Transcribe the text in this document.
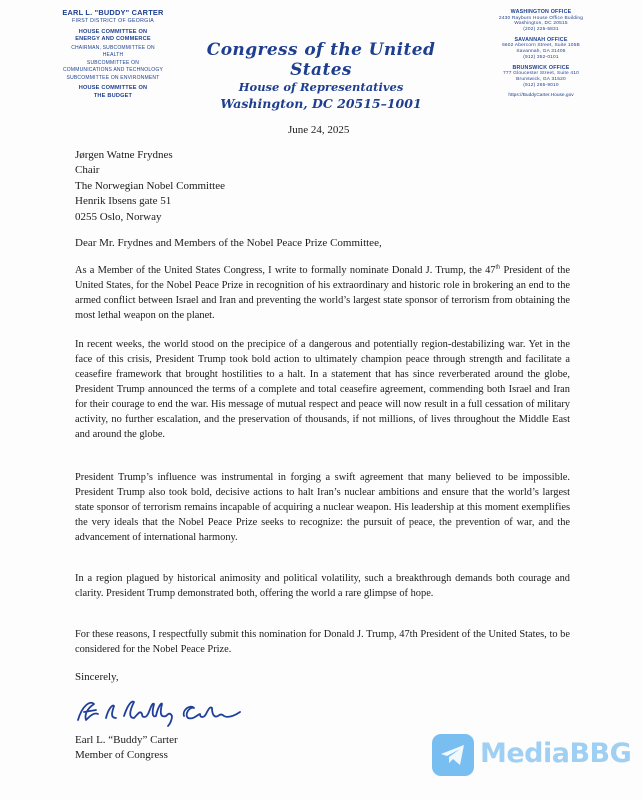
EARL L. "BUDDY" CARTER
FIRST DISTRICT OF GEORGIA
HOUSE COMMITTEE ON
ENERGY AND COMMERCE
CHAIRMAN, SUBCOMMITTEE ON
HEALTH
SUBCOMMITTEE ON
COMMUNICATIONS AND TECHNOLOGY
SUBCOMMITTEE ON ENVIRONMENT
HOUSE COMMITTEE ON
THE BUDGET
Congress of the United States
House of Representatives
Washington, DC 20515–1001
WASHINGTON OFFICE
2430 Rayburn House Office Building
Washington, DC 20515
(202) 225-5831
SAVANNAH OFFICE
6602 Abercorn Street, Suite 105B
Savannah, GA 31405
(912) 352-0101
BRUNSWICK OFFICE
777 Gloucester Street, Suite 410
Brunswick, GA 31520
(912) 265-9010
https://BuddyCarter.House.gov
June 24, 2025
Jørgen Watne Frydnes
Chair
The Norwegian Nobel Committee
Henrik Ibsens gate 51
0255 Oslo, Norway
Dear Mr. Frydnes and Members of the Nobel Peace Prize Committee,
As a Member of the United States Congress, I write to formally nominate Donald J. Trump, the 47th President of the United States, for the Nobel Peace Prize in recognition of his extraordinary and historic role in brokering an end to the armed conflict between Israel and Iran and preventing the world’s largest state sponsor of terrorism from obtaining the most lethal weapon on the planet.
In recent weeks, the world stood on the precipice of a dangerous and potentially region-destabilizing war. Yet in the face of this crisis, President Trump took bold action to ultimately champion peace through strength and facilitate a ceasefire framework that brought hostilities to a halt. In a statement that has since reverberated around the globe, President Trump announced the terms of a complete and total ceasefire agreement, commending both Israel and Iran for their courage to end the war. His message of mutual respect and peace will now result in a full cessation of military activity, no further escalation, and the preservation of thousands, if not millions, of lives throughout the Middle East and around the globe.
President Trump’s influence was instrumental in forging a swift agreement that many believed to be impossible. President Trump also took bold, decisive actions to halt Iran’s nuclear ambitions and ensure that the world’s largest state sponsor of terrorism remains incapable of acquiring a nuclear weapon. His leadership at this moment exemplifies the very ideals that the Nobel Peace Prize seeks to recognize: the pursuit of peace, the prevention of war, and the advancement of international harmony.
In a region plagued by historical animosity and political volatility, such a breakthrough demands both courage and clarity. President Trump demonstrated both, offering the world a rare glimpse of hope.
For these reasons, I respectfully submit this nomination for Donald J. Trump, 47th President of the United States, to be considered for the Nobel Peace Prize.
Sincerely,
Earl L. “Buddy” Carter
Member of Congress	MediaBBG
